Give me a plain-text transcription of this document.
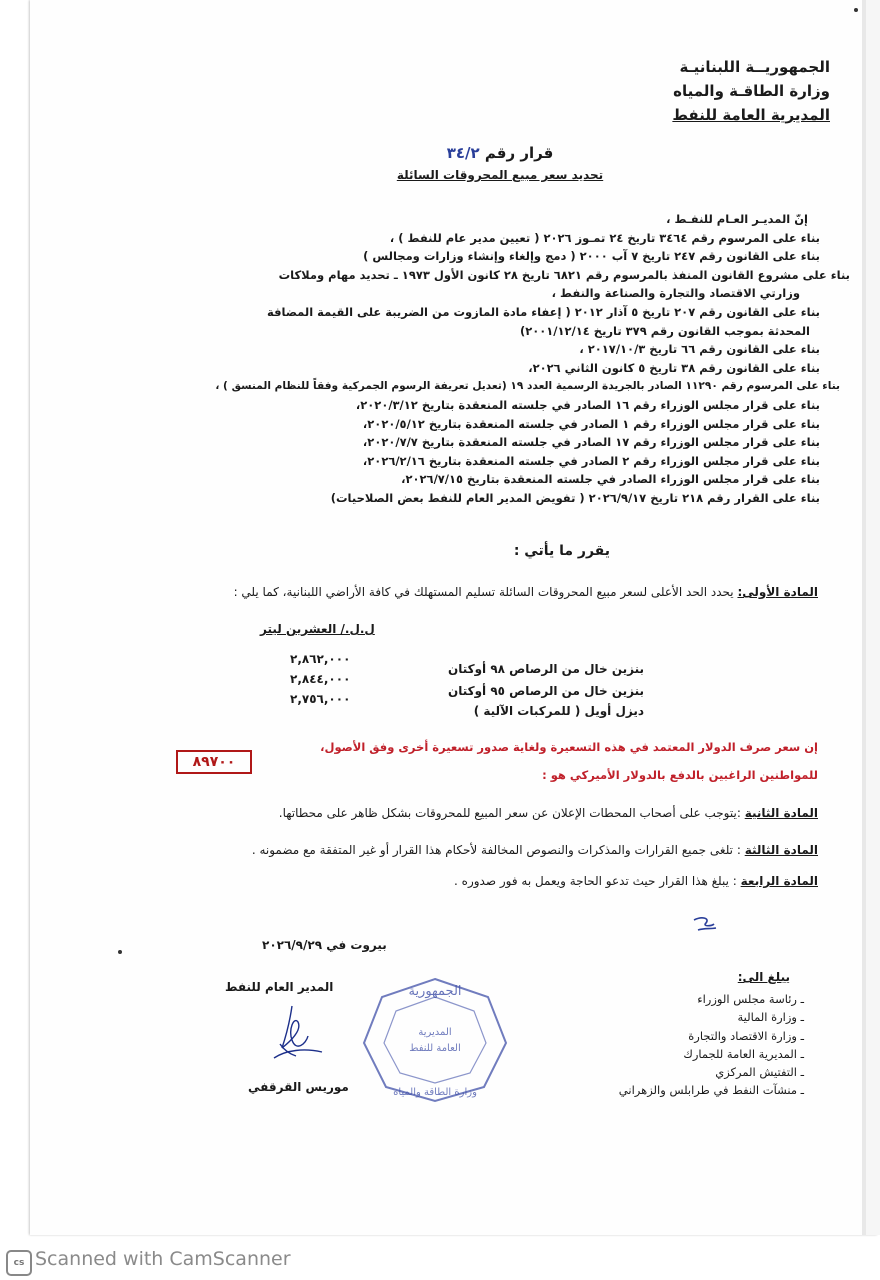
الجمهوريــة اللبنانيـة
وزارة الطاقـة والمياه
المديرية العامة للنفط
قرار رقم ٣٤/٢
تحديد سعر مبيع المحروقات السائلة
إنّ المديـر العـام للنفـط ،
بناء على المرسوم رقم ٣٤٦٤ تاريخ ٢٤ تمـوز ٢٠٢٦ ( تعيين مدير عام للنفط ) ،
بناء على القانون رقم ٢٤٧ تاريخ ٧ آب ٢٠٠٠ ( دمج وإلغاء وإنشاء وزارات ومجالس )
بناء على مشروع القانون المنفذ بالمرسوم رقم ٦٨٢١ تاريخ ٢٨ كانون الأول ١٩٧٣ ـ تحديد مهام وملاكات
وزارتي الاقتصاد والتجارة والصناعة والنفط ،
بناء على القانون رقم ٢٠٧ تاريخ ٥ آذار ٢٠١٢ ( إعفاء مادة المازوت من الضريبة على القيمة المضافة
المحدثة بموجب القانون رقم ٣٧٩ تاريخ ٢٠٠١/١٢/١٤)
بناء على القانون رقم ٦٦ تاريخ ٢٠١٧/١٠/٣ ،
بناء على القانون رقم ٣٨ تاريخ ٥ كانون الثاني ٢٠٢٦،
بناء على المرسوم رقم ١١٢٩٠ الصادر بالجريدة الرسمية العدد ١٩ (تعديل تعريفة الرسوم الجمركية وفقاً للنظام المنسق ) ،
بناء على قرار مجلس الوزراء رقم ١٦ الصادر في جلسته المنعقدة بتاريخ ٢٠٢٠/٣/١٢،
بناء على قرار مجلس الوزراء رقم ١ الصادر في جلسته المنعقدة بتاريخ ٢٠٢٠/٥/١٢،
بناء على قرار مجلس الوزراء رقم ١٧ الصادر في جلسته المنعقدة بتاريخ ٢٠٢٠/٧/٧،
بناء على قرار مجلس الوزراء رقم ٢ الصادر في جلسته المنعقدة بتاريخ ٢٠٢٦/٢/١٦،
بناء على قرار مجلس الوزراء الصادر في جلسته المنعقدة بتاريخ ٢٠٢٦/٧/١٥،
بناء على القرار رقم ٢١٨ تاريخ ٢٠٢٦/٩/١٧ ( تفويض المدير العام للنفط بعض الصلاحيات)
يقرر ما يأتي :
المادة الأولى: يحدد الحد الأعلى لسعر مبيع المحروقات السائلة تسليم المستهلك في كافة الأراضي اللبنانية، كما يلي :
ل.ل./ العشرين ليتر
٢,٨٦٢,٠٠٠
٢,٨٤٤,٠٠٠
٢,٧٥٦,٠٠٠
بنزين خال من الرصاص ٩٨ أوكتان
بنزين خال من الرصاص ٩٥ أوكتان
ديزل أويل ( للمركبات الآلية )
إن سعر صرف الدولار المعتمد في هذه التسعيرة ولغاية صدور تسعيرة أخرى وفق الأصول،
للمواطنين الراغبين بالدفع بالدولار الأميركي هو :
٨٩٧٠٠
المادة الثانية :يتوجب على أصحاب المحطات الإعلان عن سعر المبيع للمحروقات بشكل ظاهر على محطاتها.
المادة الثالثة : تلغى جميع القرارات والمذكرات والنصوص المخالفة لأحكام هذا القرار أو غير المتفقة مع مضمونه .
المادة الرابعة : يبلغ هذا القرار حيث تدعو الحاجة ويعمل به فور صدوره .
بيروت في ٢٠٢٦/٩/٢٩
المدير العام للنفط
موريس القرقفي
الجمهورية
المديرية
العامة للنفط
وزارة الطاقة والمياه
يبلغ الى:
ـ رئاسة مجلس الوزراء
ـ وزارة المالية
ـ وزارة الاقتصاد والتجارة
ـ المديرية العامة للجمارك
ـ التفتيش المركزي
ـ منشآت النفط في طرابلس والزهراني
cs Scanned with CamScanner
